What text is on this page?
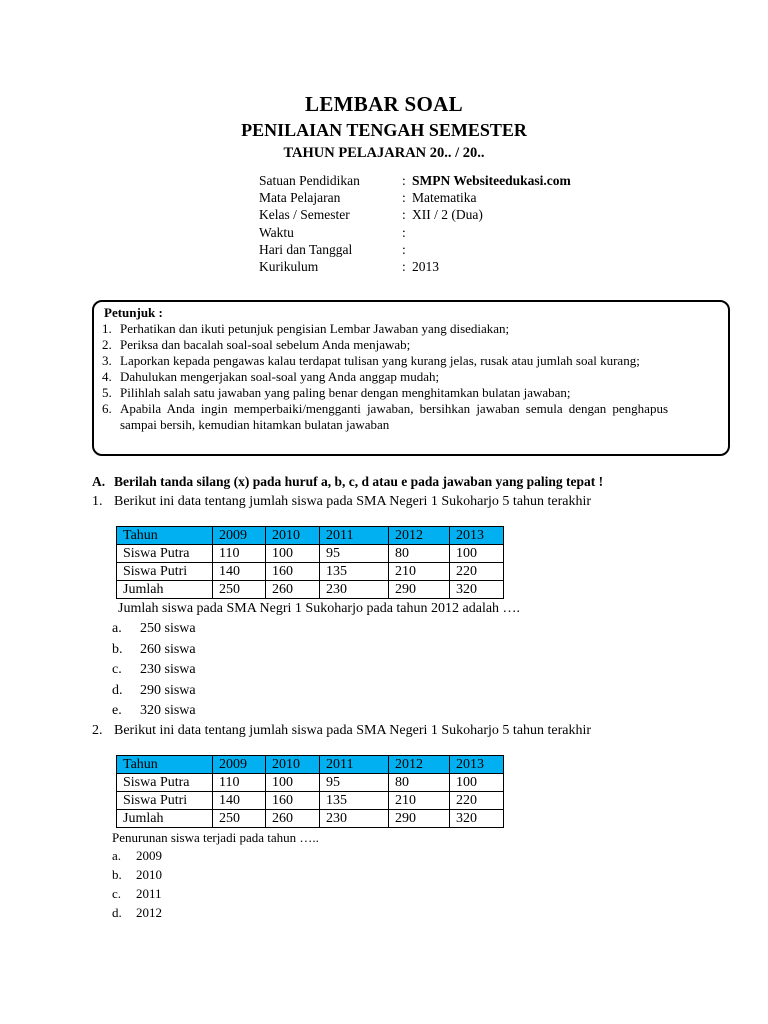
LEMBAR SOAL
PENILAIAN TENGAH SEMESTER
TAHUN PELAJARAN 20.. / 20..
Satuan Pendidikan	: SMPN Websiteedukasi.com
Mata Pelajaran	: Matematika
Kelas / Semester	: XII / 2 (Dua)
Waktu	:
Hari dan Tanggal	:
Kurikulum	: 2013
Petunjuk :
1. Perhatikan dan ikuti petunjuk pengisian Lembar Jawaban yang disediakan;
2. Periksa dan bacalah soal-soal sebelum Anda menjawab;
3. Laporkan kepada pengawas kalau terdapat tulisan yang kurang jelas, rusak atau jumlah soal kurang;
4. Dahulukan mengerjakan soal-soal yang Anda anggap mudah;
5. Pilihlah salah satu jawaban yang paling benar dengan menghitamkan bulatan jawaban;
6. Apabila Anda ingin memperbaiki/mengganti jawaban, bersihkan jawaban semula dengan penghapus sampai bersih, kemudian hitamkan bulatan jawaban
A. Berilah tanda silang (x) pada huruf a, b, c, d atau e pada jawaban yang paling tepat !
1. Berikut ini data tentang jumlah siswa pada SMA Negeri 1 Sukoharjo 5 tahun terakhir
Tahun	2009	2010	2011	2012	2013
Siswa Putra	110	100	95	80	100
Siswa Putri	140	160	135	210	220
Jumlah	250	260	230	290	320
Jumlah siswa pada SMA Negri 1 Sukoharjo pada tahun 2012 adalah ….
a. 250 siswa
b. 260 siswa
c. 230 siswa
d. 290 siswa
e. 320 siswa
2. Berikut ini data tentang jumlah siswa pada SMA Negeri 1 Sukoharjo 5 tahun terakhir
Tahun	2009	2010	2011	2012	2013
Siswa Putra	110	100	95	80	100
Siswa Putri	140	160	135	210	220
Jumlah	250	260	230	290	320
Penurunan siswa terjadi pada tahun …..
a. 2009
b. 2010
c. 2011
d. 2012
